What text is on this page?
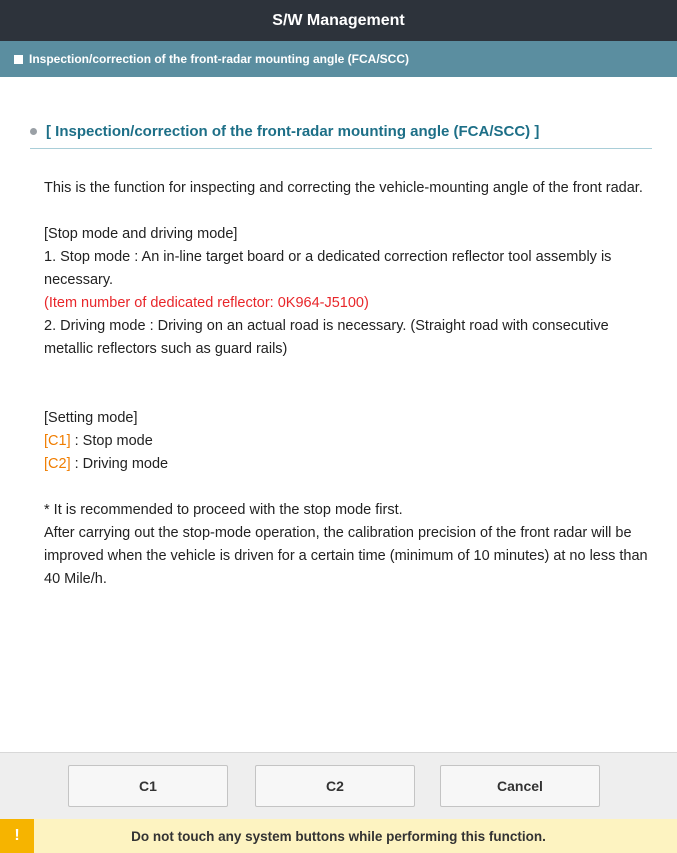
S/W Management
Inspection/correction of the front-radar mounting angle (FCA/SCC)
[ Inspection/correction of the front-radar mounting angle (FCA/SCC) ]

This is the function for inspecting and correcting the vehicle-mounting angle of the front radar.

[Stop mode and driving mode]

1. Stop mode : An in-line target board or a dedicated correction reflector tool assembly is necessary.

(Item number of dedicated reflector: 0K964-J5100)

2. Driving mode : Driving on an actual road is necessary. (Straight road with consecutive metallic reflectors such as guard rails)

[Setting mode]

[C1] : Stop mode

[C2] : Driving mode

* It is recommended to proceed with the stop mode first.

After carrying out the stop-mode operation, the calibration precision of the front radar will be improved when the vehicle is driven for a certain time (minimum of 10 minutes) at no less than 40 Mile/h.

C1	C2	Cancel
!	Do not touch any system buttons while performing this function.
